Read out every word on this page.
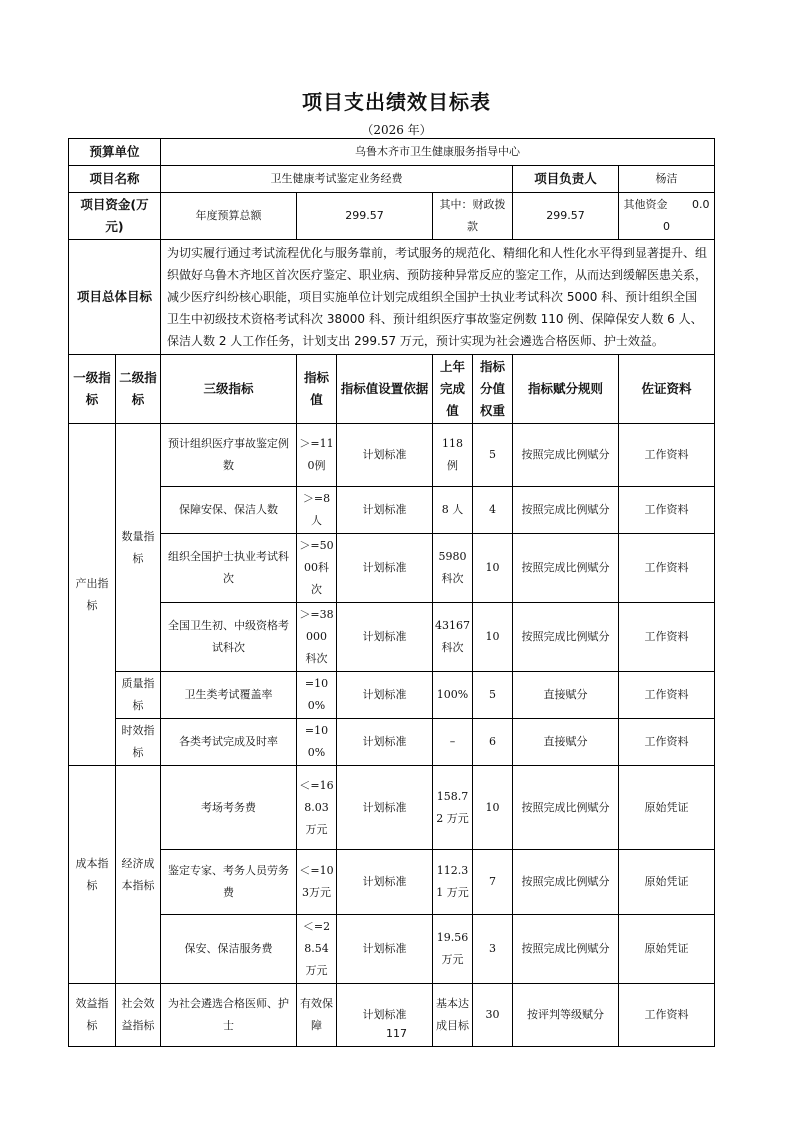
项目支出绩效目标表
（2026 年）
预算单位		乌鲁木齐市卫生健康服务指导中心						
项目名称		卫生健康考试鉴定业务经费					项目负责人	杨洁
项目资金(万元)		年度预算总额	299.57		其中：财政拨款		299.57	其他资金 0.00
项目总体目标		为切实履行通过考试流程优化与服务靠前，考试服务的规范化、精细化和人性化水平得到显著提升、组织做好乌鲁木齐地区首次医疗鉴定、职业病、预防接种异常反应的鉴定工作，从而达到缓解医患关系，减少医疗纠纷核心职能，项目实施单位计划完成组织全国护士执业考试科次 5000 科、预计组织全国卫生中初级技术资格考试科次 38000 科、预计组织医疗事故鉴定例数 110 例、保障保安人数 6 人、保洁人数 2 人工作任务，计划支出 299.57 万元，预计实现为社会遴选合格医师、护士效益。						
一级指标	二级指标	三级指标	指标值	指标值设置依据	上年完成值	指标分值权重	指标赋分规则	佐证资料
产出指标	数量指标	预计组织医疗事故鉴定例数	＞=110例	计划标准	118 例	5	按照完成比例赋分	工作资料
		保障安保、保洁人数	＞=8人	计划标准	8 人	4	按照完成比例赋分	工作资料
		组织全国护士执业考试科次	＞=5000科次	计划标准	5980科次	10	按照完成比例赋分	工作资料
		全国卫生初、中级资格考试科次	＞=38000 科次	计划标准	43167科次	10	按照完成比例赋分	工作资料
	质量指标	卫生类考试覆盖率	=100%	计划标准	100%	5	直接赋分	工作资料
	时效指标	各类考试完成及时率	=100%	计划标准	–	6	直接赋分	工作资料
成本指标	经济成本指标	考场考务费	＜=168.03 万元	计划标准	158.72 万元	10	按照完成比例赋分	原始凭证
		鉴定专家、考务人员劳务费	＜=103万元	计划标准	112.31 万元	7	按照完成比例赋分	原始凭证
		保安、保洁服务费	＜=28.54 万元	计划标准	19.56万元	3	按照完成比例赋分	原始凭证
效益指标	社会效益指标	为社会遴选合格医师、护士	有效保障	计划标准	基本达成目标	30	按评判等级赋分	工作资料
117
